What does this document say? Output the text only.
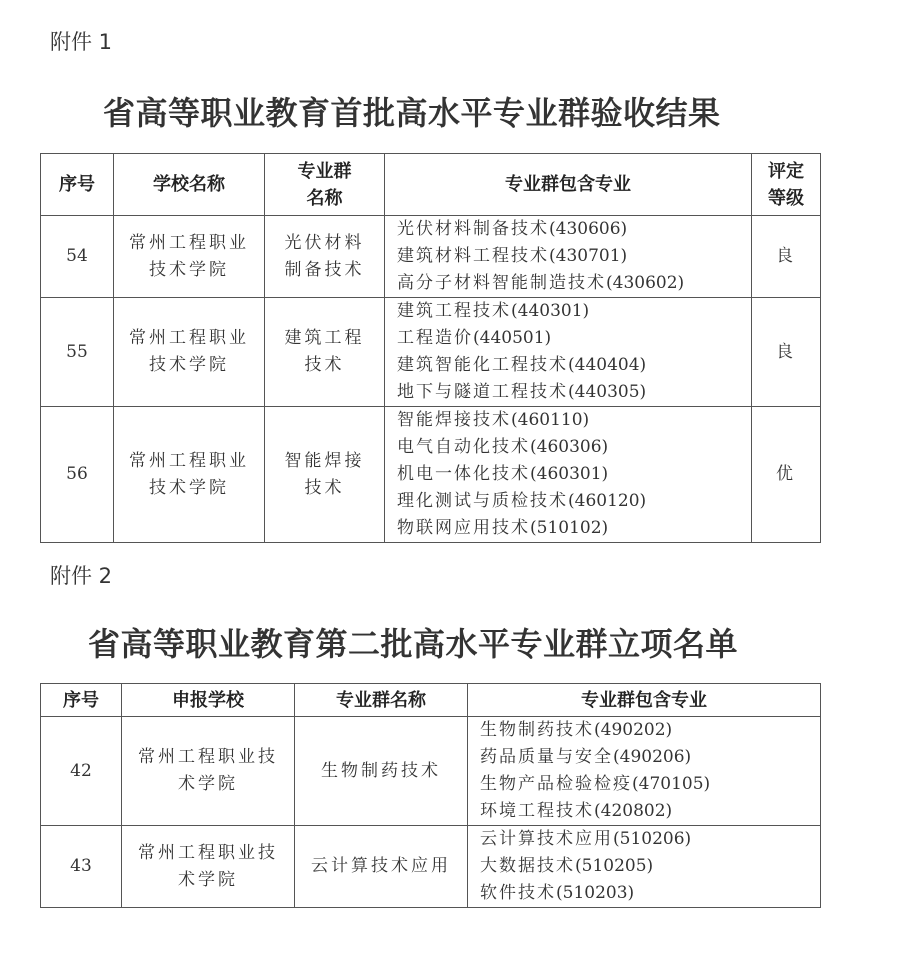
附件 1
省高等职业教育首批高水平专业群验收结果
序号	学校名称	专业群
名称	专业群包含专业	评定
等级

54	常州工程职业
技术学院	光伏材料
制备技术	光伏材料制备技术(430606)
建筑材料工程技术(430701)
高分子材料智能制造技术(430602)	良
55	常州工程职业
技术学院	建筑工程
技术	建筑工程技术(440301)
工程造价(440501)
建筑智能化工程技术(440404)
地下与隧道工程技术(440305)	良
56	常州工程职业
技术学院	智能焊接
技术	智能焊接技术(460110)
电气自动化技术(460306)
机电一体化技术(460301)
理化测试与质检技术(460120)
物联网应用技术(510102)	优
附件 2
省高等职业教育第二批高水平专业群立项名单
序号	申报学校	专业群名称	专业群包含专业
42	常州工程职业技
术学院	生物制药技术	生物制药技术(490202)
药品质量与安全(490206)
生物产品检验检疫(470105)
环境工程技术(420802)

43	常州工程职业技
术学院	云计算技术应用	云计算技术应用(510206)
大数据技术(510205)
软件技术(510203)
